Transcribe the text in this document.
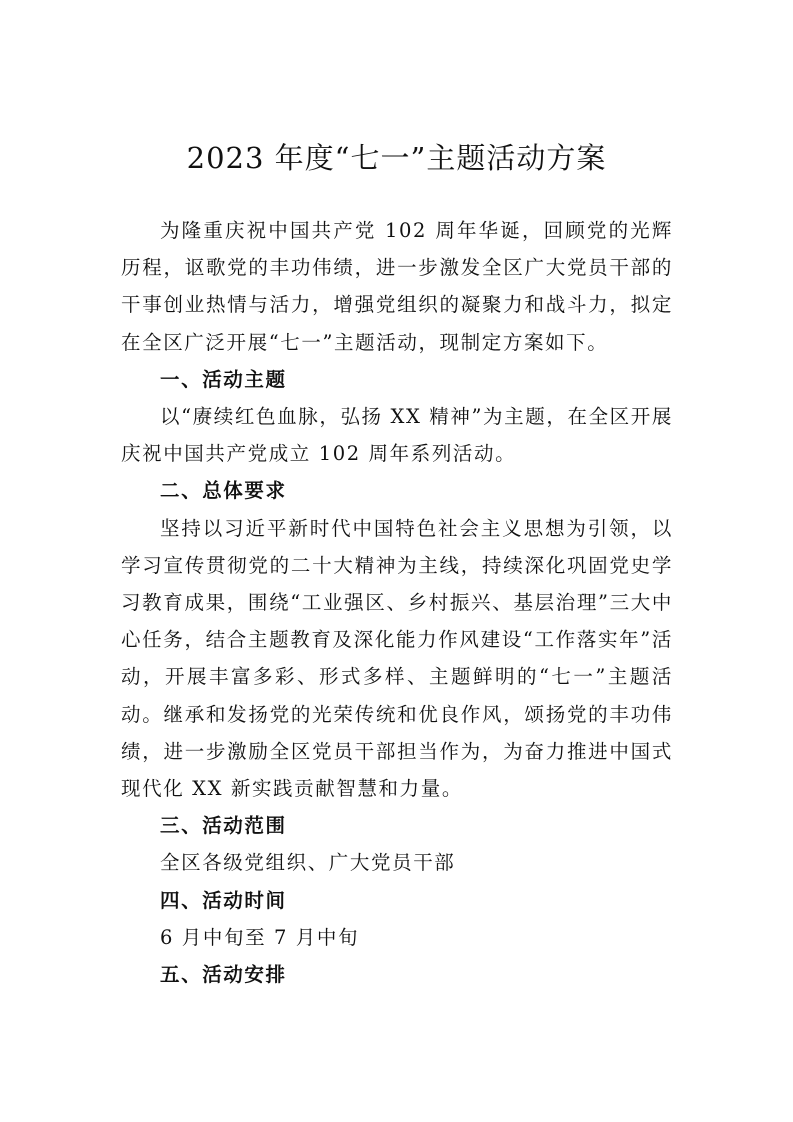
2023 年度“七一”主题活动方案

为隆重庆祝中国共产党 102 周年华诞，回顾党的光辉历程，讴歌党的丰功伟绩，进一步激发全区广大党员干部的干事创业热情与活力，增强党组织的凝聚力和战斗力，拟定在全区广泛开展“七一”主题活动，现制定方案如下。

一、活动主题

以“赓续红色血脉，弘扬 XX 精神”为主题，在全区开展庆祝中国共产党成立 102 周年系列活动。

二、总体要求

坚持以习近平新时代中国特色社会主义思想为引领，以学习宣传贯彻党的二十大精神为主线，持续深化巩固党史学习教育成果，围绕“工业强区、乡村振兴、基层治理”三大中心任务，结合主题教育及深化能力作风建设“工作落实年”活动，开展丰富多彩、形式多样、主题鲜明的“七一”主题活动。继承和发扬党的光荣传统和优良作风，颂扬党的丰功伟绩，进一步激励全区党员干部担当作为，为奋力推进中国式现代化 XX 新实践贡献智慧和力量。

三、活动范围

全区各级党组织、广大党员干部

四、活动时间

6 月中旬至 7 月中旬

五、活动安排
